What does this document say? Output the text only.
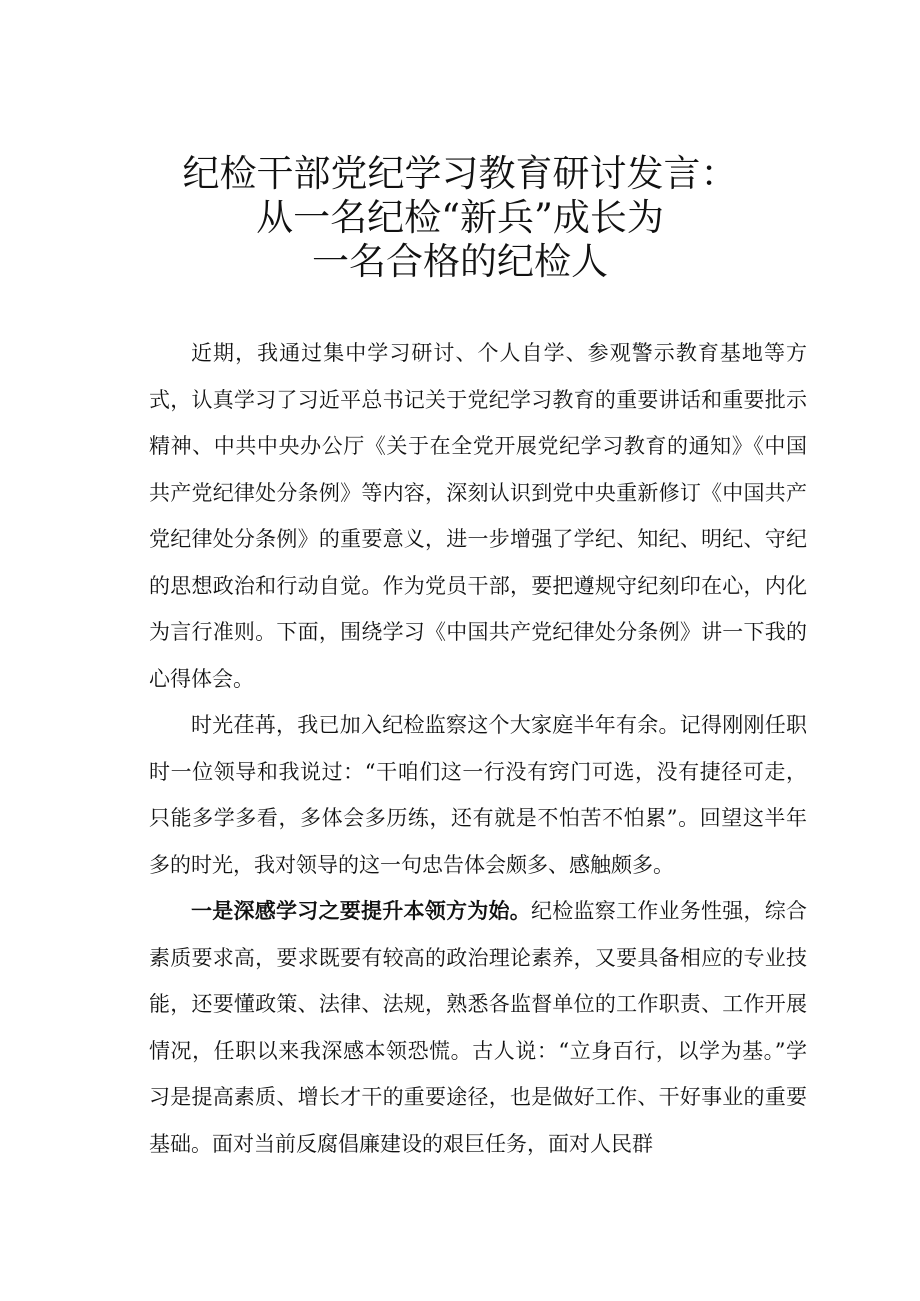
纪检干部党纪学习教育研讨发言：
从一名纪检“新兵”成长为
一名合格的纪检人

近期，我通过集中学习研讨、个人自学、参观警示教育基地等方式，认真学习了习近平总书记关于党纪学习教育的重要讲话和重要批示精神、中共中央办公厅《关于在全党开展党纪学习教育的通知》《中国共产党纪律处分条例》等内容，深刻认识到党中央重新修订《中国共产党纪律处分条例》的重要意义，进一步增强了学纪、知纪、明纪、守纪的思想政治和行动自觉。作为党员干部，要把遵规守纪刻印在心，内化为言行准则。下面，围绕学习《中国共产党纪律处分条例》讲一下我的心得体会。

时光荏苒，我已加入纪检监察这个大家庭半年有余。记得刚刚任职时一位领导和我说过：“干咱们这一行没有窍门可选，没有捷径可走，只能多学多看，多体会多历练，还有就是不怕苦不怕累”。回望这半年多的时光，我对领导的这一句忠告体会颇多、感触颇多。

一是深感学习之要提升本领方为始。纪检监察工作业务性强，综合素质要求高，要求既要有较高的政治理论素养，又要具备相应的专业技能，还要懂政策、法律、法规，熟悉各监督单位的工作职责、工作开展情况，任职以来我深感本领恐慌。古人说：“立身百行，以学为基。”学习是提高素质、增长才干的重要途径，也是做好工作、干好事业的重要基础。面对当前反腐倡廉建设的艰巨任务，面对人民群
